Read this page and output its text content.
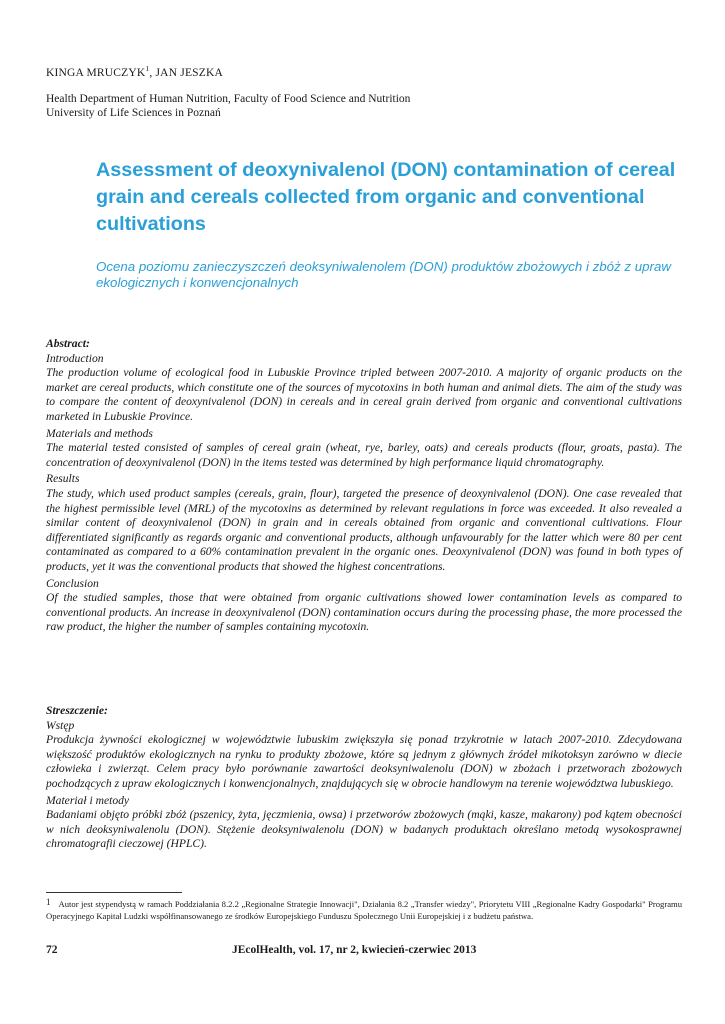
KINGA MRUCZYK$^1$, JAN JESZKA
Health Department of Human Nutrition, Faculty of Food Science and Nutrition
University of Life Sciences in Poznań
Assessment of deoxynivalenol (DON) contamination of cereal grain and cereals collected from organic and conventional cultivations
Ocena poziomu zanieczyszczeń deoksyniwalenolem (DON) produktów zbożowych i zbóż z upraw ekologicznych i konwencjonalnych
Abstract:
Introduction

The production volume of ecological food in Lubuskie Province tripled between 2007-2010. A majority of organic products on the market are cereal products, which constitute one of the sources of mycotoxins in both human and animal diets. The aim of the study was to compare the content of deoxynivalenol (DON) in cereals and in cereal grain derived from organic and conventional cultivations marketed in Lubuskie Province.

Materials and methods

The material tested consisted of samples of cereal grain (wheat, rye, barley, oats) and cereals products (flour, groats, pasta). The concentration of deoxynivalenol (DON) in the items tested was determined by high performance liquid chromatography.

Results

The study, which used product samples (cereals, grain, flour), targeted the presence of deoxynivalenol (DON). One case revealed that the highest permissible level (MRL) of the mycotoxins as determined by relevant regulations in force was exceeded. It also revealed a similar content of deoxynivalenol (DON) in grain and in cereals obtained from organic and conventional cultivations. Flour differentiated significantly as regards organic and conventional products, although unfavourably for the latter which were 80 per cent contaminated as compared to a 60% contamination prevalent in the organic ones. Deoxynivalenol (DON) was found in both types of products, yet it was the conventional products that showed the highest concentrations.

Conclusion

Of the studied samples, those that were obtained from organic cultivations showed lower contamination levels as compared to conventional products. An increase in deoxynivalenol (DON) contamination occurs during the processing phase, the more processed the raw product, the higher the number of samples containing mycotoxin.

Streszczenie:
Wstęp

Produkcja żywności ekologicznej w województwie lubuskim zwiększyła się ponad trzykrotnie w latach 2007-2010. Zdecydowana większość produktów ekologicznych na rynku to produkty zbożowe, które są jednym z głównych źródeł mikotoksyn zarówno w diecie człowieka i zwierząt. Celem pracy było porównanie zawartości deoksyniwalenolu (DON) w zbożach i przetworach zbożowych pochodzących z upraw ekologicznych i konwencjonalnych, znajdujących się w obrocie handlowym na terenie województwa lubuskiego.

Materiał i metody

Badaniami objęto próbki zbóż (pszenicy, żyta, jęczmienia, owsa) i przetworów zbożowych (mąki, kasze, makarony) pod kątem obecności w nich deoksyniwalenolu (DON). Stężenie deoksyniwalenolu (DON) w badanych produktach określano metodą wysokosprawnej chromatografii cieczowej (HPLC).

1 Autor jest stypendystą w ramach Poddziałania 8.2.2 „Regionalne Strategie Innowacji", Działania 8.2 „Transfer wiedzy", Priorytetu VIII „Regionalne Kadry Gospodarki" Programu Operacyjnego Kapitał Ludzki współfinansowanego ze środków Europejskiego Funduszu Społecznego Unii Europejskiej i z budżetu państwa.
72	JEcolHealth, vol. 17, nr 2, kwiecień-czerwiec 2013
